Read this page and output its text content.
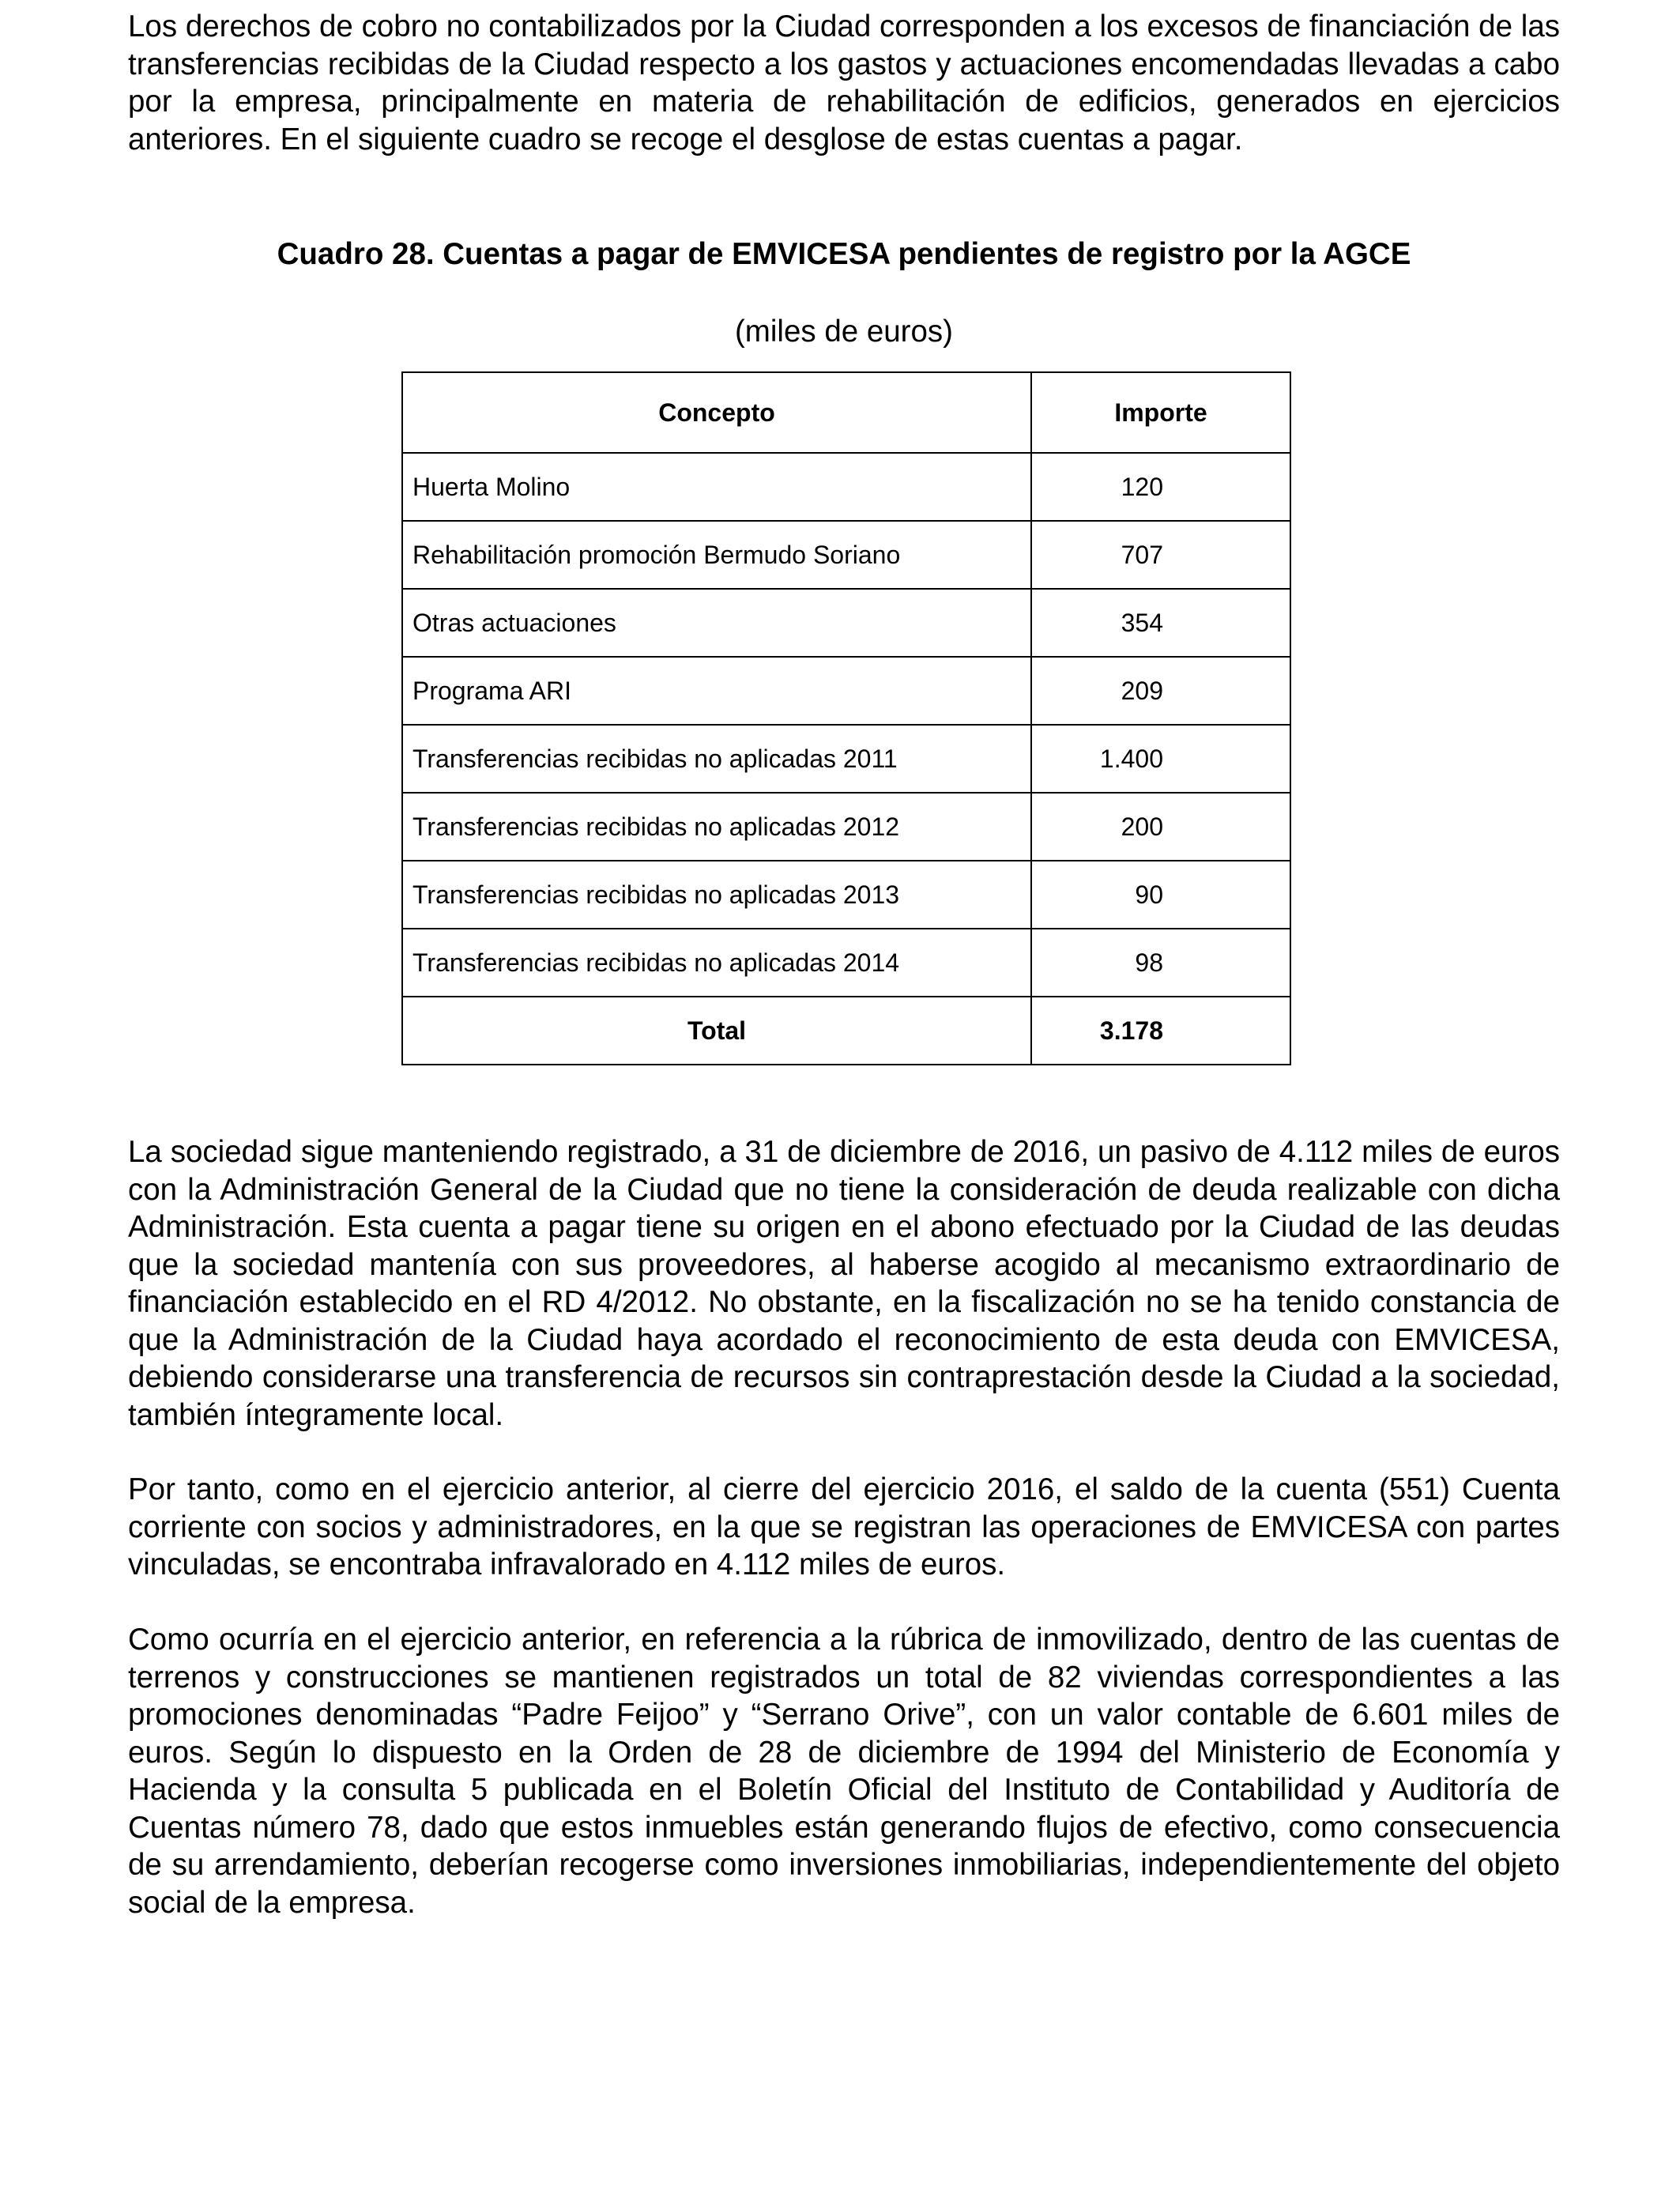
Los derechos de cobro no contabilizados por la Ciudad corresponden a los excesos de financiación de las transferencias recibidas de la Ciudad respecto a los gastos y actuaciones encomendadas llevadas a cabo por la empresa, principalmente en materia de rehabilitación de edificios, generados en ejercicios anteriores. En el siguiente cuadro se recoge el desglose de estas cuentas a pagar.

Cuadro 28. Cuentas a pagar de EMVICESA pendientes de registro por la AGCE

(miles de euros)

Concepto	Importe
Huerta Molino	120
Rehabilitación promoción Bermudo Soriano	707
Otras actuaciones	354
Programa ARI	209
Transferencias recibidas no aplicadas 2011	1.400
Transferencias recibidas no aplicadas 2012	200
Transferencias recibidas no aplicadas 2013	90
Transferencias recibidas no aplicadas 2014	98
Total	3.178

La sociedad sigue manteniendo registrado, a 31 de diciembre de 2016, un pasivo de 4.112 miles de euros con la Administración General de la Ciudad que no tiene la consideración de deuda realizable con dicha Administración. Esta cuenta a pagar tiene su origen en el abono efectuado por la Ciudad de las deudas que la sociedad mantenía con sus proveedores, al haberse acogido al mecanismo extraordinario de financiación establecido en el RD 4/2012. No obstante, en la fiscalización no se ha tenido constancia de que la Administración de la Ciudad haya acordado el reconocimiento de esta deuda con EMVICESA, debiendo considerarse una transferencia de recursos sin contraprestación desde la Ciudad a la sociedad, también íntegramente local.

Por tanto, como en el ejercicio anterior, al cierre del ejercicio 2016, el saldo de la cuenta (551) Cuenta corriente con socios y administradores, en la que se registran las operaciones de EMVICESA con partes vinculadas, se encontraba infravalorado en 4.112 miles de euros.

Como ocurría en el ejercicio anterior, en referencia a la rúbrica de inmovilizado, dentro de las cuentas de terrenos y construcciones se mantienen registrados un total de 82 viviendas correspondientes a las promociones denominadas “Padre Feijoo” y “Serrano Orive”, con un valor contable de 6.601 miles de euros. Según lo dispuesto en la Orden de 28 de diciembre de 1994 del Ministerio de Economía y Hacienda y la consulta 5 publicada en el Boletín Oficial del Instituto de Contabilidad y Auditoría de Cuentas número 78, dado que estos inmuebles están generando flujos de efectivo, como consecuencia de su arrendamiento, deberían recogerse como inversiones inmobiliarias, independientemente del objeto social de la empresa.
